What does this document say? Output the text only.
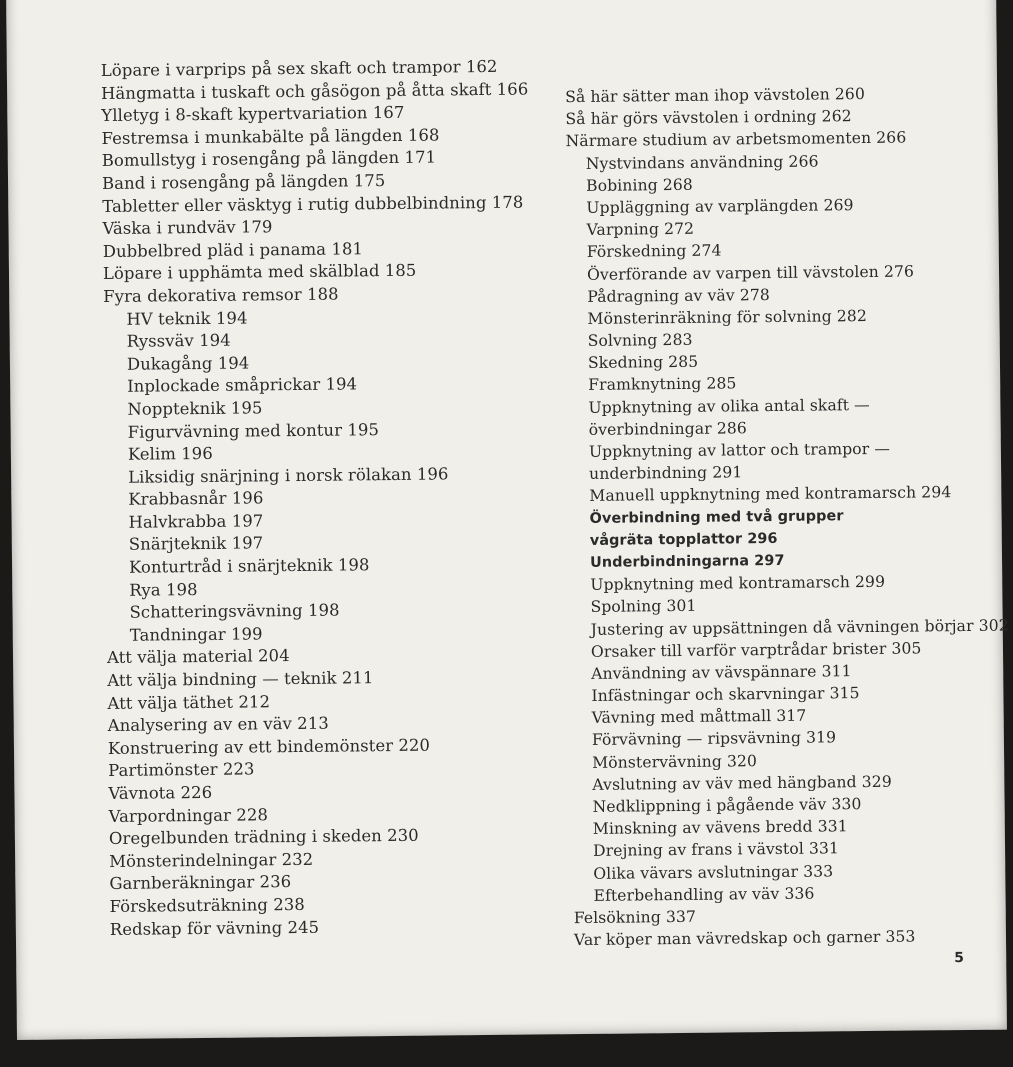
Löpare i varprips på sex skaft och trampor 162
Hängmatta i tuskaft och gåsögon på åtta skaft 166
Ylletyg i 8-skaft kypertvariation 167
Festremsa i munkabälte på längden 168
Bomullstyg i rosengång på längden 171
Band i rosengång på längden 175
Tabletter eller väsktyg i rutig dubbelbindning 178
Väska i rundväv 179
Dubbelbred pläd i panama 181
Löpare i upphämta med skälblad 185
Fyra dekorativa remsor 188
HV teknik 194
Ryssväv 194
Dukagång 194
Inplockade småprickar 194
Noppteknik 195
Figurvävning med kontur 195
Kelim 196
Liksidig snärjning i norsk rölakan 196
Krabbasnår 196
Halvkrabba 197
Snärjteknik 197
Konturtråd i snärjteknik 198
Rya 198
Schatteringsvävning 198
Tandningar 199
Att välja material 204
Att välja bindning — teknik 211
Att välja täthet 212
Analysering av en väv 213
Konstruering av ett bindemönster 220
Partimönster 223
Vävnota 226
Varpordningar 228
Oregelbunden trädning i skeden 230
Mönsterindelningar 232
Garnberäkningar 236
Förskedsuträkning 238
Redskap för vävning 245
Så här sätter man ihop vävstolen 260
Så här görs vävstolen i ordning 262
Närmare studium av arbetsmomenten 266
Nystvindans användning 266
Bobining 268
Uppläggning av varplängden 269
Varpning 272
Förskedning 274
Överförande av varpen till vävstolen 276
Pådragning av väv 278
Mönsterinräkning för solvning 282
Solvning 283
Skedning 285
Framknytning 285
Uppknytning av olika antal skaft —
överbindningar 286
Uppknytning av lattor och trampor —
underbindning 291
Manuell uppknytning med kontramarsch 294
Överbindning med två grupper
vågräta topplattor 296
Underbindningarna 297
Uppknytning med kontramarsch 299
Spolning 301
Justering av uppsättningen då vävningen börjar 302
Orsaker till varför varptrådar brister 305
Användning av vävspännare 311
Infästningar och skarvningar 315
Vävning med måttmall 317
Förvävning — ripsvävning 319
Mönstervävning 320
Avslutning av väv med hängband 329
Nedklippning i pågående väv 330
Minskning av vävens bredd 331
Drejning av frans i vävstol 331
Olika vävars avslutningar 333
Efterbehandling av väv 336
Felsökning 337
Var köper man vävredskap och garner 353
5
